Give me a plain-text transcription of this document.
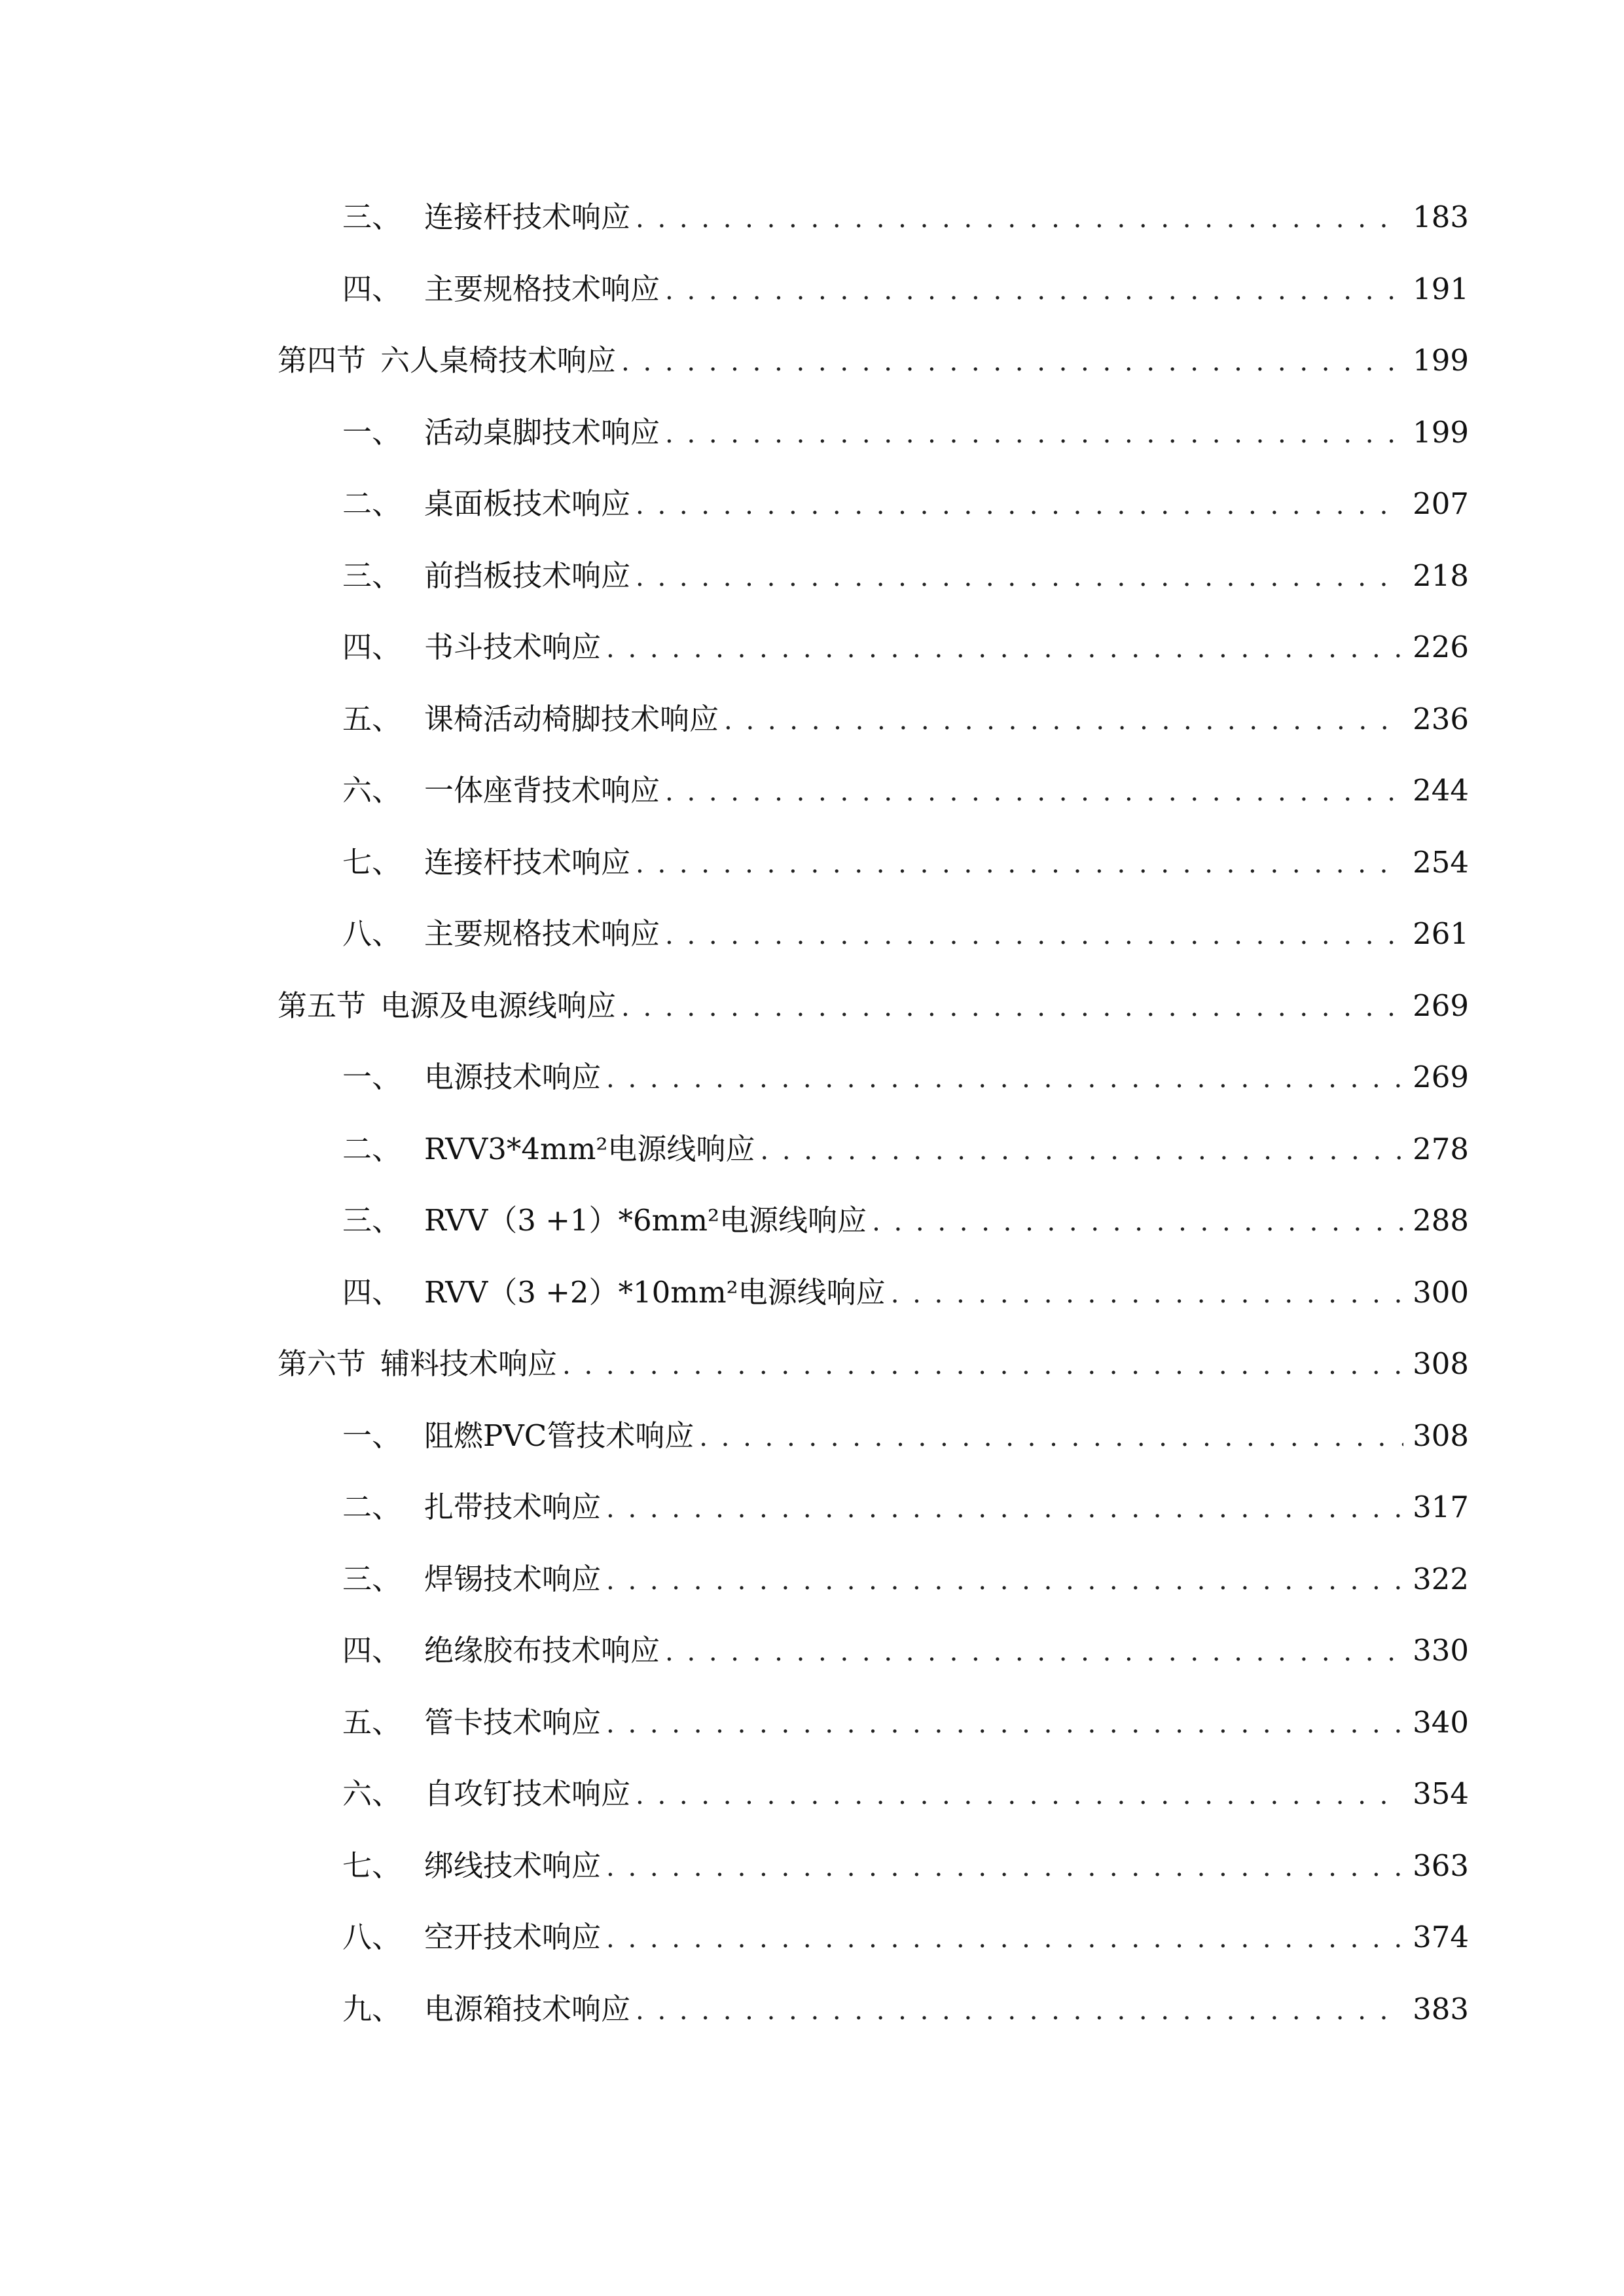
三、 连接杆技术响应 . . .	183
四、 主要规格技术响应 . . .	191
第四节 六人桌椅技术响应 . . .	199
一、 活动桌脚技术响应 . . .	199
二、 桌面板技术响应 . . .	207
三、 前挡板技术响应 . . .	218
四、 书斗技术响应 . . .	226
五、 课椅活动椅脚技术响应 . . .	236
六、 一体座背技术响应 . . .	244
七、 连接杆技术响应 . . .	254
八、 主要规格技术响应 . . .	261
第五节 电源及电源线响应 . . .	269
一、 电源技术响应 . . .	269
二、 RVV3*4mm²电源线响应 . . .	278
三、 RVV（3 +1）*6mm²电源线响应 . . .	288
四、 RVV（3 +2）*10mm²电源线响应 . . .	300
第六节 辅料技术响应 . . .	308
一、 阻燃PVC管技术响应 . . .	308
二、 扎带技术响应 . . .	317
三、 焊锡技术响应 . . .	322
四、 绝缘胶布技术响应 . . .	330
五、 管卡技术响应 . . .	340
六、 自攻钉技术响应 . . .	354
七、 绑线技术响应 . . .	363
八、 空开技术响应 . . .	374
九、 电源箱技术响应 . . .	383
